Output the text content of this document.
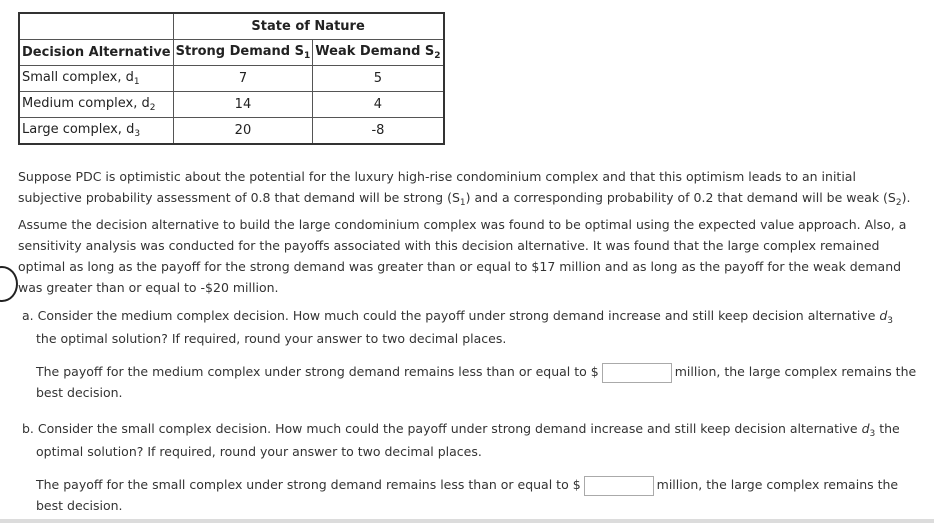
	State of Nature	
Decision Alternative	Strong Demand $S_1$	Weak Demand $S_2$
Small complex, $d_1$	7	5
Medium complex, $d_2$	14	4
Large complex, $d_3$	20	-8

Suppose PDC is optimistic about the potential for the luxury high-rise condominium complex and that this optimism leads to an initial subjective probability assessment of 0.8 that demand will be strong $(S_1)$ and a corresponding probability of 0.2 that demand will be weak $(S_2)$. Assume the decision alternative to build the large condominium complex was found to be optimal using the expected value approach. Also, a sensitivity analysis was conducted for the payoffs associated with this decision alternative. It was found that the large complex remained optimal as long as the payoff for the strong demand was greater than or equal to $17 million and as long as the payoff for the weak demand was greater than or equal to -$20 million.

a. Consider the medium complex decision. How much could the payoff under strong demand increase and still keep decision alternative $d_3$ the optimal solution? If required, round your answer to two decimal places.
The payoff for the medium complex under strong demand remains less than or equal to $	million, the large complex remains the best decision.
b. Consider the small complex decision. How much could the payoff under strong demand increase and still keep decision alternative $d_3$ the optimal solution? If required, round your answer to two decimal places.
The payoff for the small complex under strong demand remains less than or equal to $	million, the large complex remains the best decision.
